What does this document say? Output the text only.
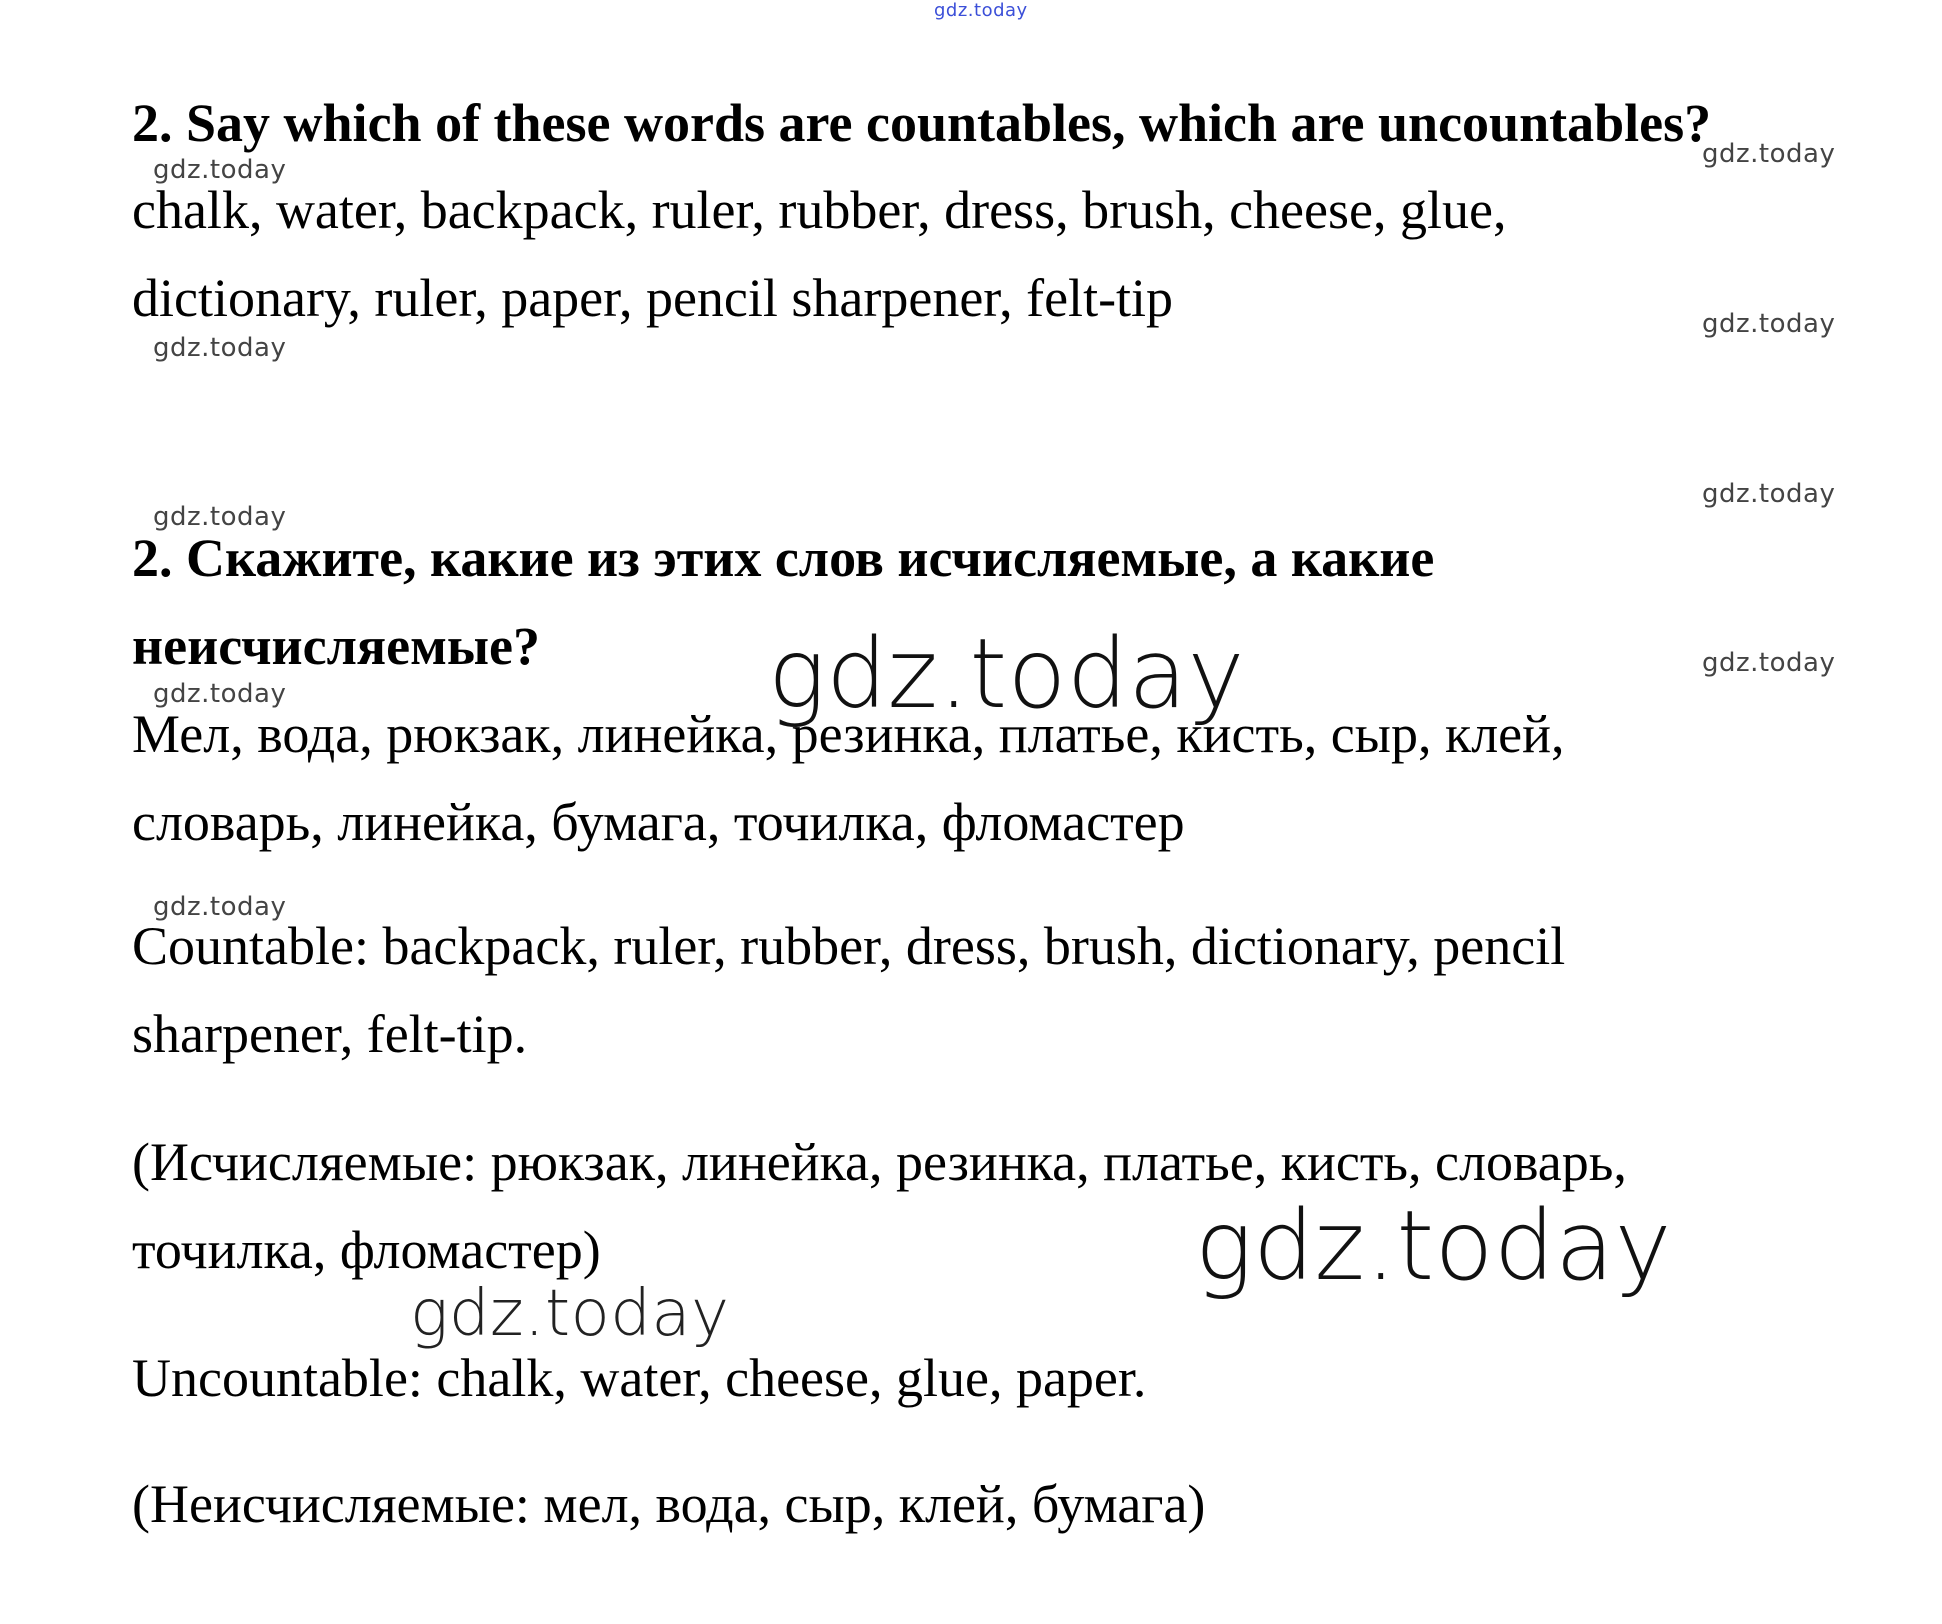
gdz.today
2. Say which of these words are countables, which are uncountables?

chalk, water, backpack, ruler, rubber, dress, brush, cheese, glue,
dictionary, ruler, paper, pencil sharpener, felt-tip

2. Скажите, какие из этих слов исчисляемые, а какие
неисчисляемые?

Мел, вода, рюкзак, линейка, резинка, платье, кисть, сыр, клей,
словарь, линейка, бумага, точилка, фломастер

Countable: backpack, ruler, rubber, dress, brush, dictionary, pencil
sharpener, felt-tip.

(Исчисляемые: рюкзак, линейка, резинка, платье, кисть, словарь,
точилка, фломастер)

Uncountable: chalk, water, cheese, glue, paper.

(Неисчисляемые: мел, вода, сыр, клей, бумага)

gdz.today
gdz.today
gdz.today
gdz.today
gdz.today
gdz.today
gdz.today
gdz.today
gdz.today
gdz.today
gdz.today
gdz.today
